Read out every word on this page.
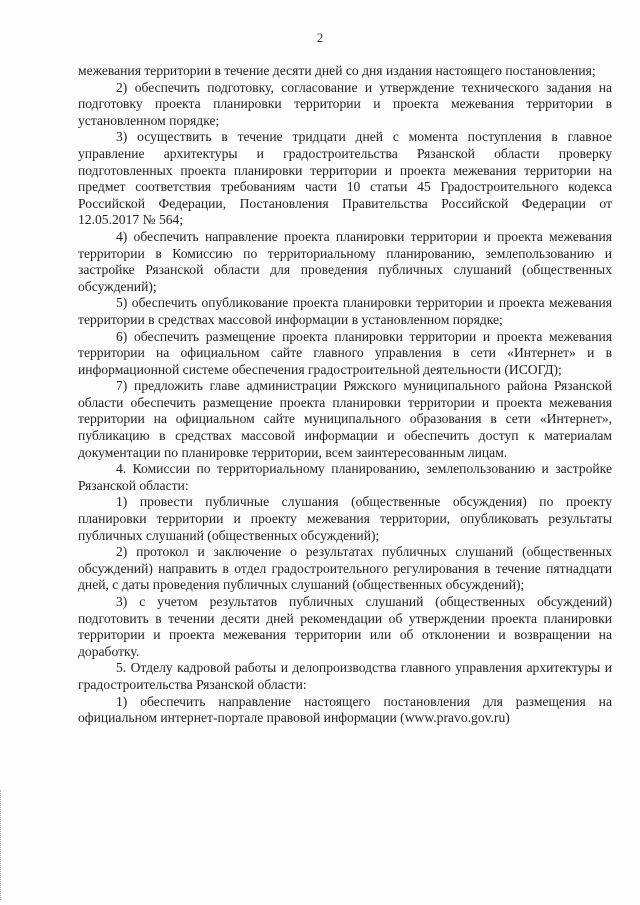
2

межевания территории в течение десяти дней со дня издания настоящего постановления;

2) обеспечить подготовку, согласование и утверждение технического задания на подготовку проекта планировки территории и проекта межевания территории в установленном порядке;

3) осуществить в течение тридцати дней с момента поступления в главное управление архитектуры и градостроительства Рязанской области проверку подготовленных проекта планировки территории и проекта межевания территории на предмет соответствия требованиям части 10 статьи 45 Градостроительного кодекса Российской Федерации, Постановления Правительства Российской Федерации от 12.05.2017 № 564;

4) обеспечить направление проекта планировки территории и проекта межевания территории в Комиссию по территориальному планированию, землепользованию и застройке Рязанской области для проведения публичных слушаний (общественных обсуждений);

5) обеспечить опубликование проекта планировки территории и проекта межевания территории в средствах массовой информации в установленном порядке;

6) обеспечить размещение проекта планировки территории и проекта межевания территории на официальном сайте главного управления в сети «Интернет» и в информационной системе обеспечения градостроительной деятельности (ИСОГД);

7) предложить главе администрации Ряжского муниципального района Рязанской области обеспечить размещение проекта планировки территории и проекта межевания территории на официальном сайте муниципального образования в сети «Интернет», публикацию в средствах массовой информации и обеспечить доступ к материалам документации по планировке территории, всем заинтересованным лицам.

4. Комиссии по территориальному планированию, землепользованию и застройке Рязанской области:

1) провести публичные слушания (общественные обсуждения) по проекту планировки территории и проекту межевания территории, опубликовать результаты публичных слушаний (общественных обсуждений);

2) протокол и заключение о результатах публичных слушаний (общественных обсуждений) направить в отдел градостроительного регулирования в течение пятнадцати дней, с даты проведения публичных слушаний (общественных обсуждений);

3) с учетом результатов публичных слушаний (общественных обсуждений) подготовить в течении десяти дней рекомендации об утверждении проекта планировки территории и проекта межевания территории или об отклонении и возвращении на доработку.

5. Отделу кадровой работы и делопроизводства главного управления архитектуры и градостроительства Рязанской области:

1) обеспечить направление настоящего постановления для размещения на официальном интернет-портале правовой информации (www.pravo.gov.ru)
